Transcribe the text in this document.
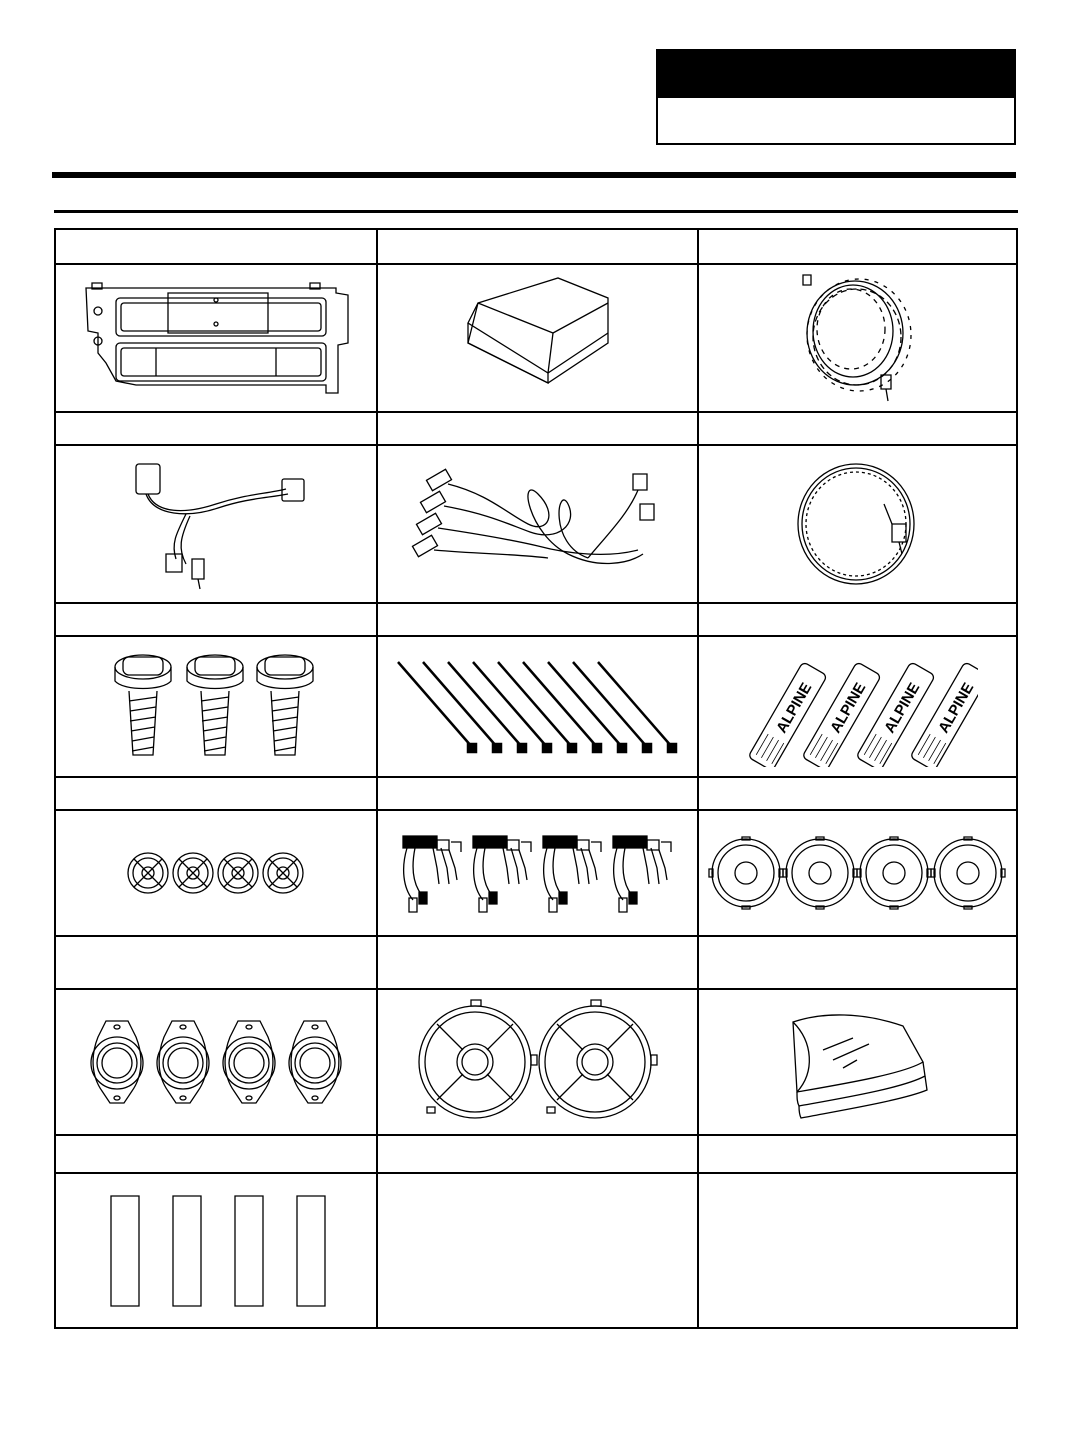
ALPINE ALPINE ALPINE ALPINE
